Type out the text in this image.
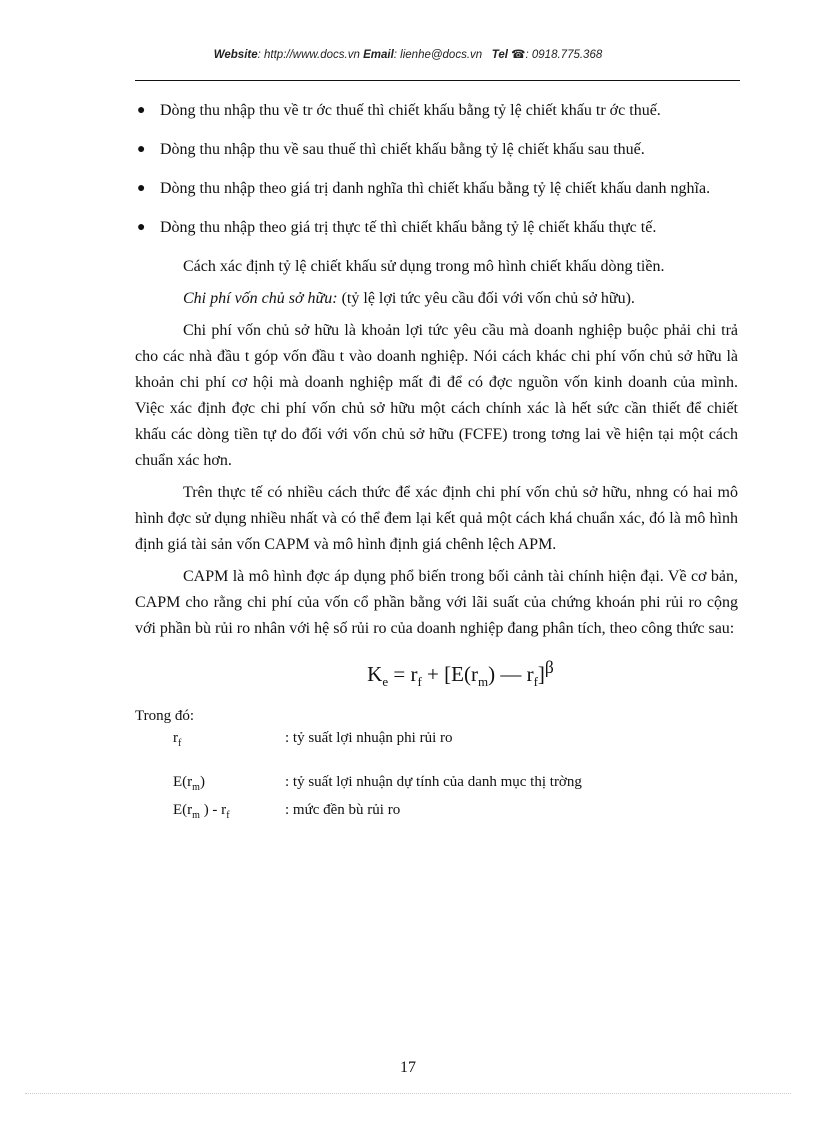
Website: http://www.docs.vn Email: lienhe@docs.vn Tel ☎: 0918.775.368
● Dòng thu nhập thu về tr ớc thuế thì chiết khấu bằng tỷ lệ chiết khấu tr ớc thuế.
● Dòng thu nhập thu về sau thuế thì chiết khấu bằng tỷ lệ chiết khấu sau thuế.
● Dòng thu nhập theo giá trị danh nghĩa thì chiết khấu bằng tỷ lệ chiết khấu danh nghĩa.
● Dòng thu nhập theo giá trị thực tế thì chiết khấu bằng tỷ lệ chiết khấu thực tế.

Cách xác định tỷ lệ chiết khấu sử dụng trong mô hình chiết khấu dòng tiền.

Chi phí vốn chủ sở hữu: (tỷ lệ lợi tức yêu cầu đối với vốn chủ sở hữu).

Chi phí vốn chủ sở hữu là khoản lợi tức yêu cầu mà doanh nghiệp buộc phải chi trả cho các nhà đầu t góp vốn đầu t vào doanh nghiệp. Nói cách khác chi phí vốn chủ sở hữu là khoản chi phí cơ hội mà doanh nghiệp mất đi để có đợc nguồn vốn kinh doanh của mình. Việc xác định đợc chi phí vốn chủ sở hữu một cách chính xác là hết sức cần thiết để chiết khấu các dòng tiền tự do đối với vốn chủ sở hữu (FCFE) trong tơng lai về hiện tại một cách chuẩn xác hơn.

Trên thực tế có nhiều cách thức để xác định chi phí vốn chủ sở hữu, nhng có hai mô hình đợc sử dụng nhiều nhất và có thể đem lại kết quả một cách khá chuẩn xác, đó là mô hình định giá tài sản vốn CAPM và mô hình định giá chênh lệch APM.

CAPM là mô hình đợc áp dụng phổ biến trong bối cảnh tài chính hiện đại. Về cơ bản, CAPM cho rằng chi phí của vốn cổ phần bằng với lãi suất của chứng khoán phi rủi ro cộng với phần bù rủi ro nhân với hệ số rủi ro của doanh nghiệp đang phân tích, theo công thức sau:

$K_e = r_f + [E(r_m)$ — $r_f]^\beta$
Trong đó:
$r_f$	: tỷ suất lợi nhuận phi rủi ro
$E(r_m)$	: tỷ suất lợi nhuận dự tính của danh mục thị trờng
$E(r_m$ ) - $r_f$	: mức đền bù rủi ro
17
